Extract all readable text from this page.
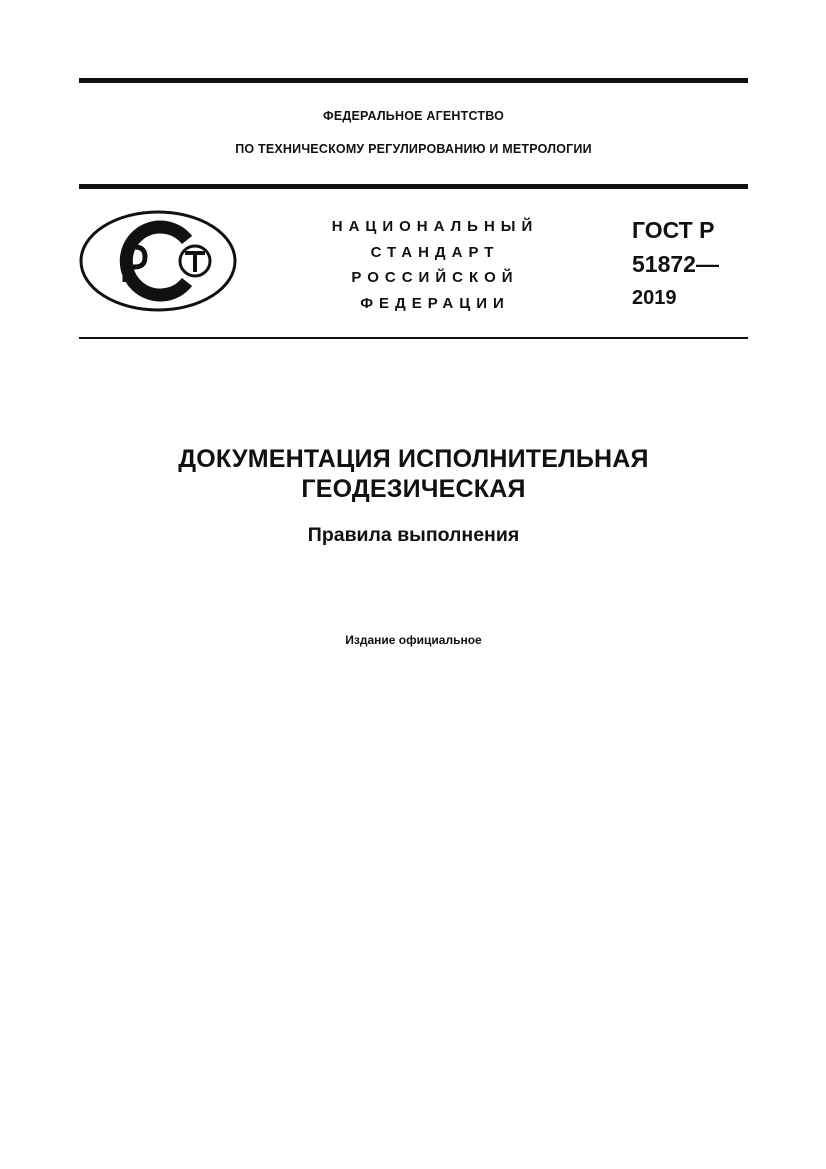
ФЕДЕРАЛЬНОЕ АГЕНТСТВО
ПО ТЕХНИЧЕСКОМУ РЕГУЛИРОВАНИЮ И МЕТРОЛОГИИ
НАЦИОНАЛЬНЫЙ
СТАНДАРТ
РОССИЙСКОЙ
ФЕДЕРАЦИИ
ГОСТ Р
51872—
2019
ДОКУМЕНТАЦИЯ ИСПОЛНИТЕЛЬНАЯ
ГЕОДЕЗИЧЕСКАЯ
Правила выполнения
Издание официальное
